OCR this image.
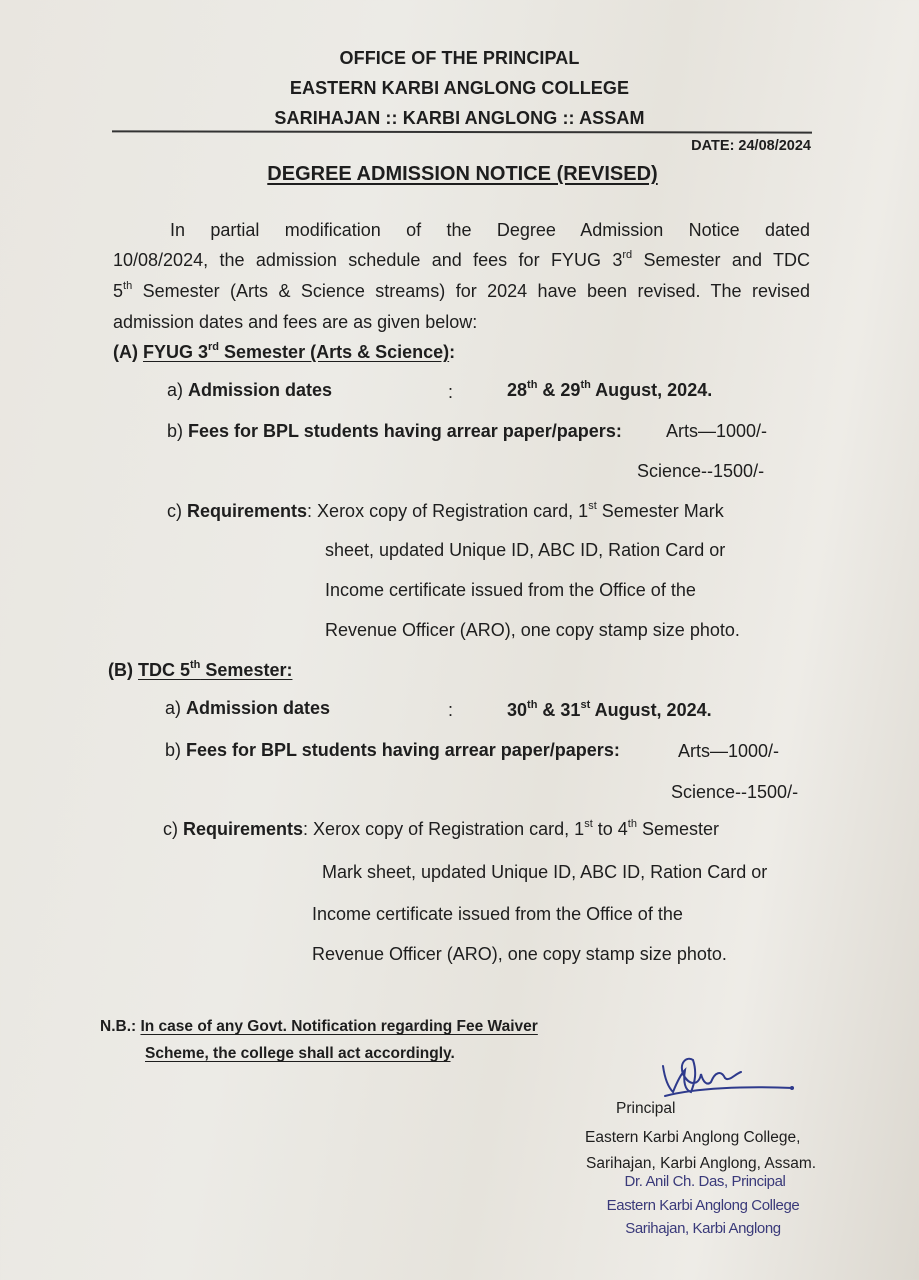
OFFICE OF THE PRINCIPAL
EASTERN KARBI ANGLONG COLLEGE
SARIHAJAN :: KARBI ANGLONG :: ASSAM
DATE: 24/08/2024
DEGREE ADMISSION NOTICE (REVISED)
In partial modification of the Degree Admission Notice dated
10/08/2024, the admission schedule and fees for FYUG 3rd Semester and TDC
5th Semester (Arts & Science streams) for 2024 have been revised. The revised
admission dates and fees are as given below:
(A) FYUG 3rd Semester (Arts & Science):
a) Admission dates	:	28th & 29th August, 2024.
b) Fees for BPL students having arrear paper/papers: Arts—1000/-
Science--1500/-
c) Requirements: Xerox copy of Registration card, 1st Semester Mark
sheet, updated Unique ID, ABC ID, Ration Card or
Income certificate issued from the Office of the
Revenue Officer (ARO), one copy stamp size photo.
(B) TDC 5th Semester:
a) Admission dates	:	30th & 31st August, 2024.
b) Fees for BPL students having arrear paper/papers:	Arts—1000/-
Science--1500/-
c) Requirements: Xerox copy of Registration card, 1st to 4th Semester
Mark sheet, updated Unique ID, ABC ID, Ration Card or
Income certificate issued from the Office of the
Revenue Officer (ARO), one copy stamp size photo.
N.B.: In case of any Govt. Notification regarding Fee Waiver
Scheme, the college shall act accordingly.
Principal
Eastern Karbi Anglong College,
Sarihajan, Karbi Anglong, Assam.
Dr. Anil Ch. Das, Principal
Eastern Karbi Anglong College
Sarihajan, Karbi Anglong
